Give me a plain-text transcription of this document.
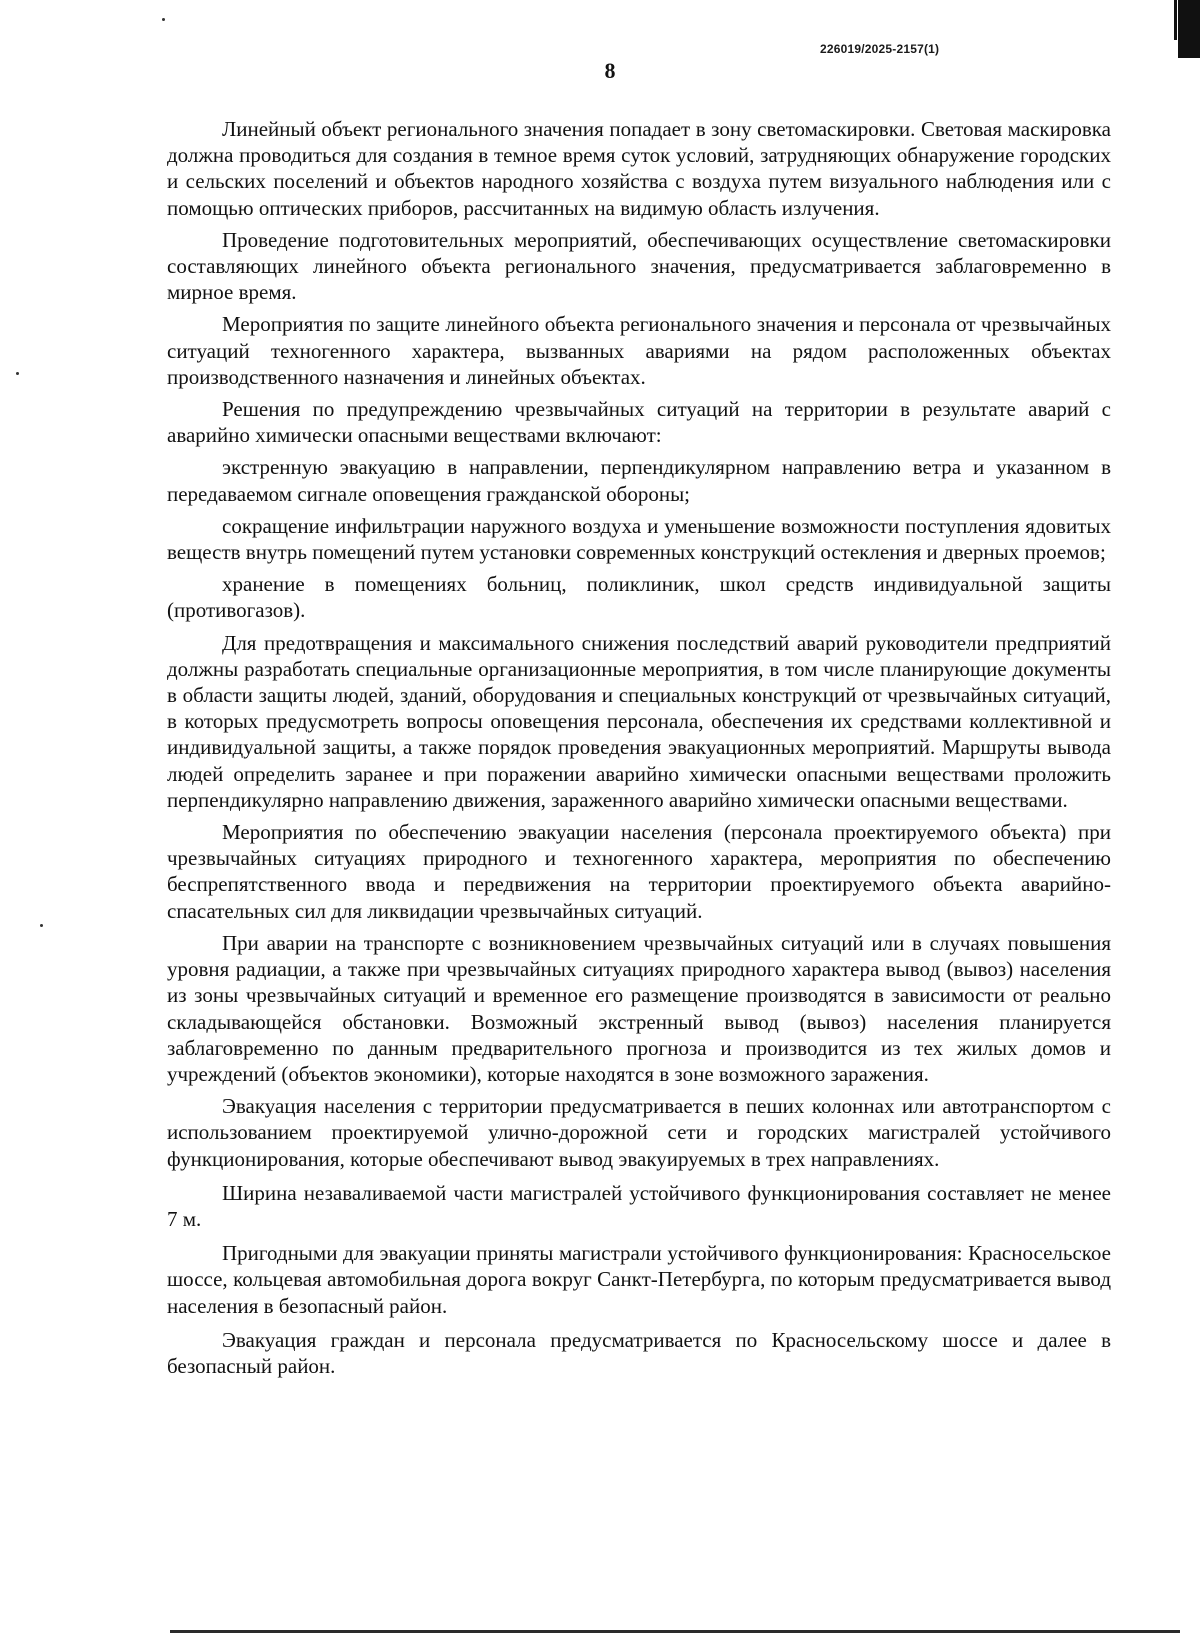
226019/2025-2157(1)
8

Линейный объект регионального значения попадает в зону светомаскировки. Световая маскировка должна проводиться для создания в темное время суток условий, затрудняющих обнаружение городских и сельских поселений и объектов народного хозяйства с воздуха путем визуального наблюдения или с помощью оптических приборов, рассчитанных на видимую область излучения.

Проведение подготовительных мероприятий, обеспечивающих осуществление светомаскировки составляющих линейного объекта регионального значения, предусматривается заблаговременно в мирное время.

Мероприятия по защите линейного объекта регионального значения и персонала от чрезвычайных ситуаций техногенного характера, вызванных авариями на рядом расположенных объектах производственного назначения и линейных объектах.

Решения по предупреждению чрезвычайных ситуаций на территории в результате аварий с аварийно химически опасными веществами включают:

экстренную эвакуацию в направлении, перпендикулярном направлению ветра и указанном в передаваемом сигнале оповещения гражданской обороны;

сокращение инфильтрации наружного воздуха и уменьшение возможности поступления ядовитых веществ внутрь помещений путем установки современных конструкций остекления и дверных проемов;

хранение в помещениях больниц, поликлиник, школ средств индивидуальной защиты (противогазов).

Для предотвращения и максимального снижения последствий аварий руководители предприятий должны разработать специальные организационные мероприятия, в том числе планирующие документы в области защиты людей, зданий, оборудования и специальных конструкций от чрезвычайных ситуаций, в которых предусмотреть вопросы оповещения персонала, обеспечения их средствами коллективной и индивидуальной защиты, а также порядок проведения эвакуационных мероприятий. Маршруты вывода людей определить заранее и при поражении аварийно химически опасными веществами проложить перпендикулярно направлению движения, зараженного аварийно химически опасными веществами.

Мероприятия по обеспечению эвакуации населения (персонала проектируемого объекта) при чрезвычайных ситуациях природного и техногенного характера, мероприятия по обеспечению беспрепятственного ввода и передвижения на территории проектируемого объекта аварийно-спасательных сил для ликвидации чрезвычайных ситуаций.

При аварии на транспорте с возникновением чрезвычайных ситуаций или в случаях повышения уровня радиации, а также при чрезвычайных ситуациях природного характера вывод (вывоз) населения из зоны чрезвычайных ситуаций и временное его размещение производятся в зависимости от реально складывающейся обстановки. Возможный экстренный вывод (вывоз) населения планируется заблаговременно по данным предварительного прогноза и производится из тех жилых домов и учреждений (объектов экономики), которые находятся в зоне возможного заражения.

Эвакуация населения с территории предусматривается в пеших колоннах или автотранспортом с использованием проектируемой улично-дорожной сети и городских магистралей устойчивого функционирования, которые обеспечивают вывод эвакуируемых в трех направлениях.

Ширина незаваливаемой части магистралей устойчивого функционирования составляет не менее 7 м.

Пригодными для эвакуации приняты магистрали устойчивого функционирования: Красносельское шоссе, кольцевая автомобильная дорога вокруг Санкт-Петербурга, по которым предусматривается вывод населения в безопасный район.

Эвакуация граждан и персонала предусматривается по Красносельскому шоссе и далее в безопасный район.
